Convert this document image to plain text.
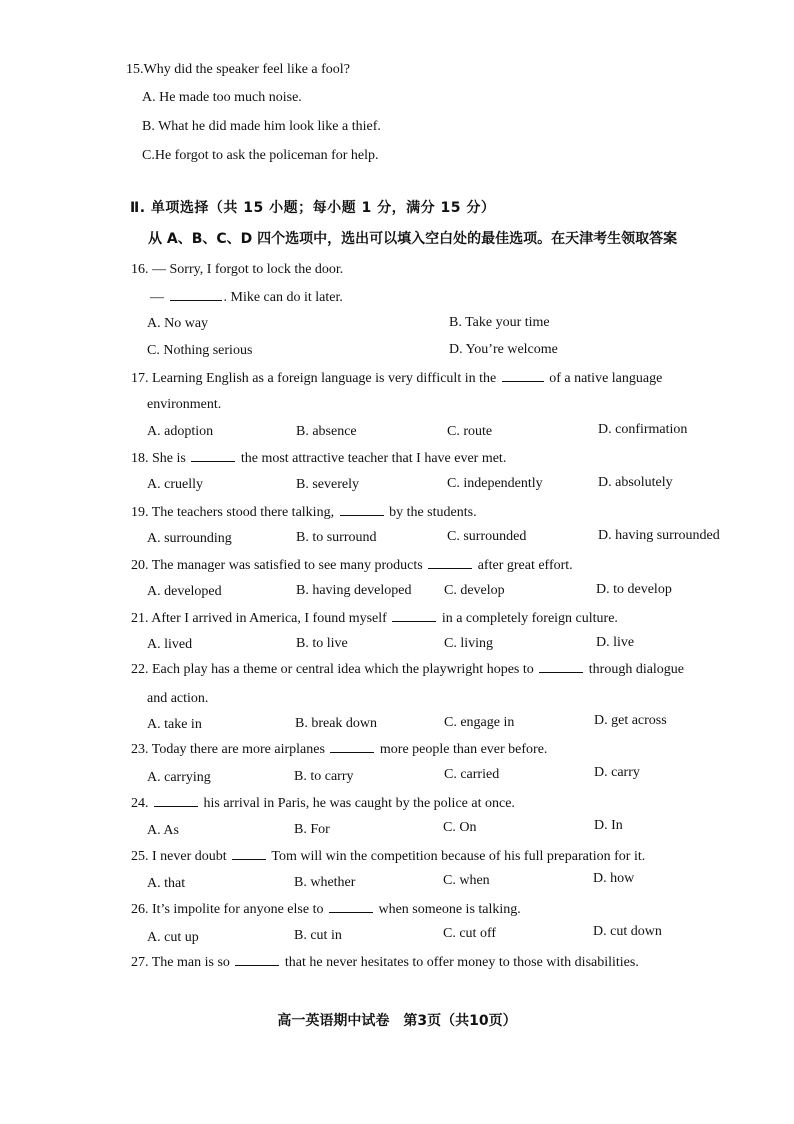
15.Why did the speaker feel like a fool?
A. He made too much noise.
B. What he did made him look like a thief.
C.He forgot to ask the policeman for help.
Ⅱ. 单项选择（共 15 小题；每小题 1 分，满分 15 分）
从 A、B、C、D 四个选项中，选出可以填入空白处的最佳选项。在天津考生领取答案
16. — Sorry, I forgot to lock the door.
—	. Mike can do it later.
A. No way	B. Take your time
C. Nothing serious	D. You’re welcome
17. Learning English as a foreign language is very difficult in the	of a native language
environment.
A. adoption	B. absence	C. route	D. confirmation
18. She is	the most attractive teacher that I have ever met.
A. cruelly	B. severely	C. independently	D. absolutely
19. The teachers stood there talking,	by the students.
A. surrounding	B. to surround	C. surrounded	D. having surrounded
20. The manager was satisfied to see many products	after great effort.
A. developed	B. having developed C. develop	D. to develop
21. After I arrived in America, I found myself	in a completely foreign culture.
A. lived	B. to live	C. living	D. live
22. Each play has a theme or central idea which the playwright hopes to	through dialogue
and action.
A. take in	B. break down	C. engage in	D. get across
23. Today there are more airplanes	more people than ever before.
A. carrying	B. to carry	C. carried	D. carry
24.	his arrival in Paris, he was caught by the police at once.
A. As	B. For	C. On	D. In
25. I never doubt	Tom will win the competition because of his full preparation for it.
A. that	B. whether	C. when	D. how
26. It’s impolite for anyone else to	when someone is talking.
A. cut up	B. cut in	C. cut off	D. cut down
27. The man is so	that he never hesitates to offer money to those with disabilities.
高一英语期中试卷　第3页（共10页）
